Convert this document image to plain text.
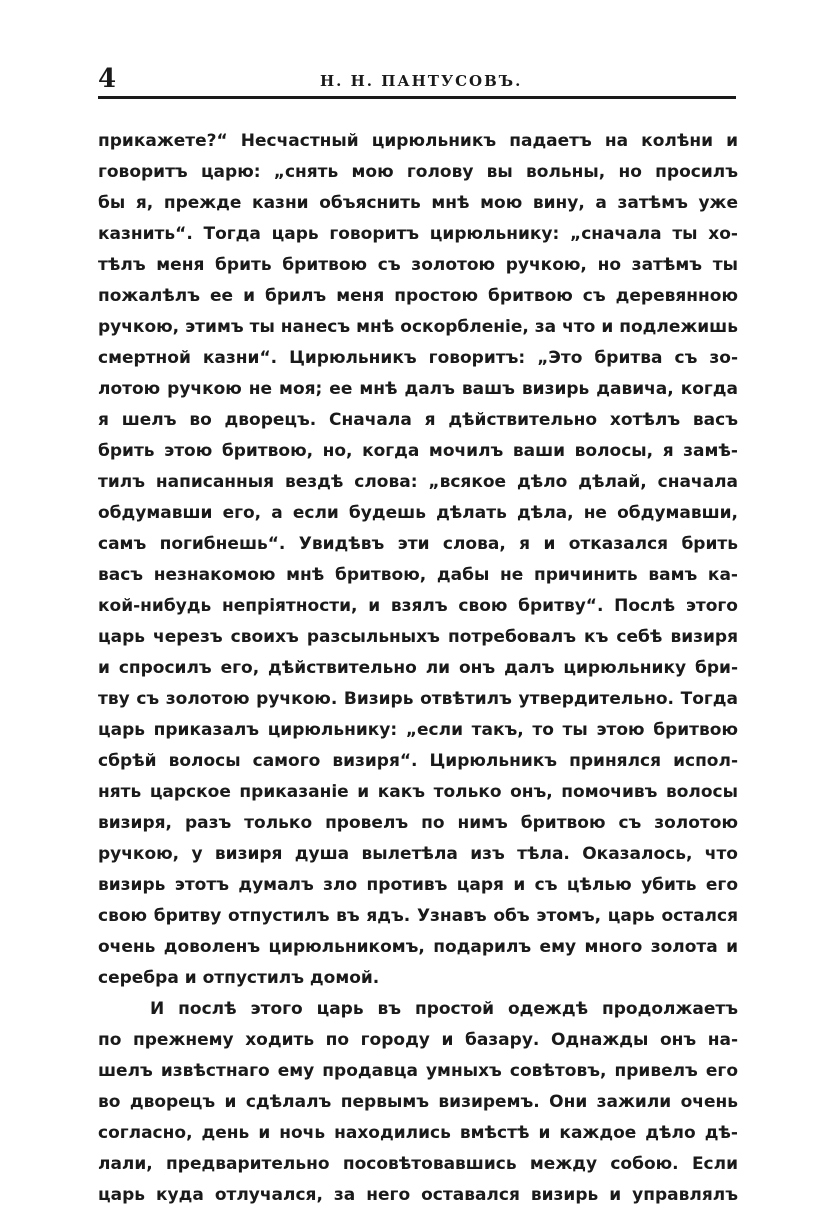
4	Н. Н. ПАНТУСОВЪ.
прикажете?“ Несчастный цирюльникъ падаетъ на колѣни и
говоритъ царю: „снять мою голову вы вольны, но просилъ
бы я, прежде казни объяснить мнѣ мою вину, а затѣмъ уже
казнить“. Тогда царь говоритъ цирюльнику: „сначала ты хо-
тѣлъ меня брить бритвою съ золотою ручкою, но затѣмъ ты
пожалѣлъ ее и брилъ меня простою бритвою съ деревянною
ручкою, этимъ ты нанесъ мнѣ оскорбленіе, за что и подлежишь
смертной казни“. Цирюльникъ говоритъ: „Это бритва съ зо-
лотою ручкою не моя; ее мнѣ далъ вашъ визирь давича, когда
я шелъ во дворецъ. Сначала я дѣйствительно хотѣлъ васъ
брить этою бритвою, но, когда мочилъ ваши волосы, я замѣ-
тилъ написанныя вездѣ слова: „всякое дѣло дѣлай, сначала
обдумавши его, а если будешь дѣлать дѣла, не обдумавши,
самъ погибнешь“. Увидѣвъ эти слова, я и отказался брить
васъ незнакомою мнѣ бритвою, дабы не причинить вамъ ка-
кой-нибудь непріятности, и взялъ свою бритву“. Послѣ этого
царь черезъ своихъ разсыльныхъ потребовалъ къ себѣ визиря
и спросилъ его, дѣйствительно ли онъ далъ цирюльнику бри-
тву съ золотою ручкою. Визирь отвѣтилъ утвердительно. Тогда
царь приказалъ цирюльнику: „если такъ, то ты этою бритвою
сбрѣй волосы самого визиря“. Цирюльникъ принялся испол-
нять царское приказаніе и какъ только онъ, помочивъ волосы
визиря, разъ только провелъ по нимъ бритвою съ золотою
ручкою, у визиря душа вылетѣла изъ тѣла. Оказалось, что
визирь этотъ думалъ зло противъ царя и съ цѣлью убить его
свою бритву отпустилъ въ ядъ. Узнавъ объ этомъ, царь остался
очень доволенъ цирюльникомъ, подарилъ ему много золота и
серебра и отпустилъ домой.
И послѣ этого царь въ простой одеждѣ продолжаетъ
по прежнему ходить по городу и базару. Однажды онъ на-
шелъ извѣстнаго ему продавца умныхъ совѣтовъ, привелъ его
во дворецъ и сдѣлалъ первымъ визиремъ. Они зажили очень
согласно, день и ночь находились вмѣстѣ и каждое дѣло дѣ-
лали, предварительно посовѣтовавшись между собою. Если
царь куда отлучался, за него оставался визирь и управлялъ
